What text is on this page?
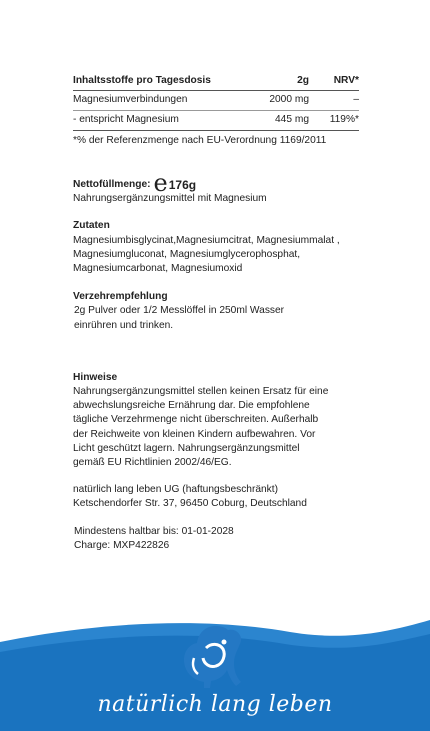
Inhaltsstoffe pro Tagesdosis	2g	NRV*
Magnesiumverbindungen	2000 mg	–
- entspricht Magnesium	445 mg	119%*
*% der Referenzmenge nach EU-Verordnung 1169/2011
Nettofüllmenge: e 176g
Nahrungsergänzungsmittel mit Magnesium
Zutaten
Magnesiumbisglycinat,Magnesiumcitrat, Magnesiummalat ,
Magnesiumgluconat, Magnesiumglycerophosphat,
Magnesiumcarbonat, Magnesiumoxid
Verzehrempfehlung
2g Pulver oder 1/2 Messlöffel in 250ml Wasser
einrühren und trinken.
Hinweise
Nahrungsergänzungsmittel stellen keinen Ersatz für eine
abwechslungsreiche Ernährung dar. Die empfohlene
tägliche Verzehrmenge nicht überschreiten. Außerhalb
der Reichweite von kleinen Kindern aufbewahren. Vor
Licht geschützt lagern. Nahrungsergänzungsmittel
gemäß EU Richtlinien 2002/46/EG.
natürlich lang leben UG (haftungsbeschränkt)
Ketschendorfer Str. 37, 96450 Coburg, Deutschland
Mindestens haltbar bis: 01-01-2028
Charge: MXP422826
natürlich lang leben
